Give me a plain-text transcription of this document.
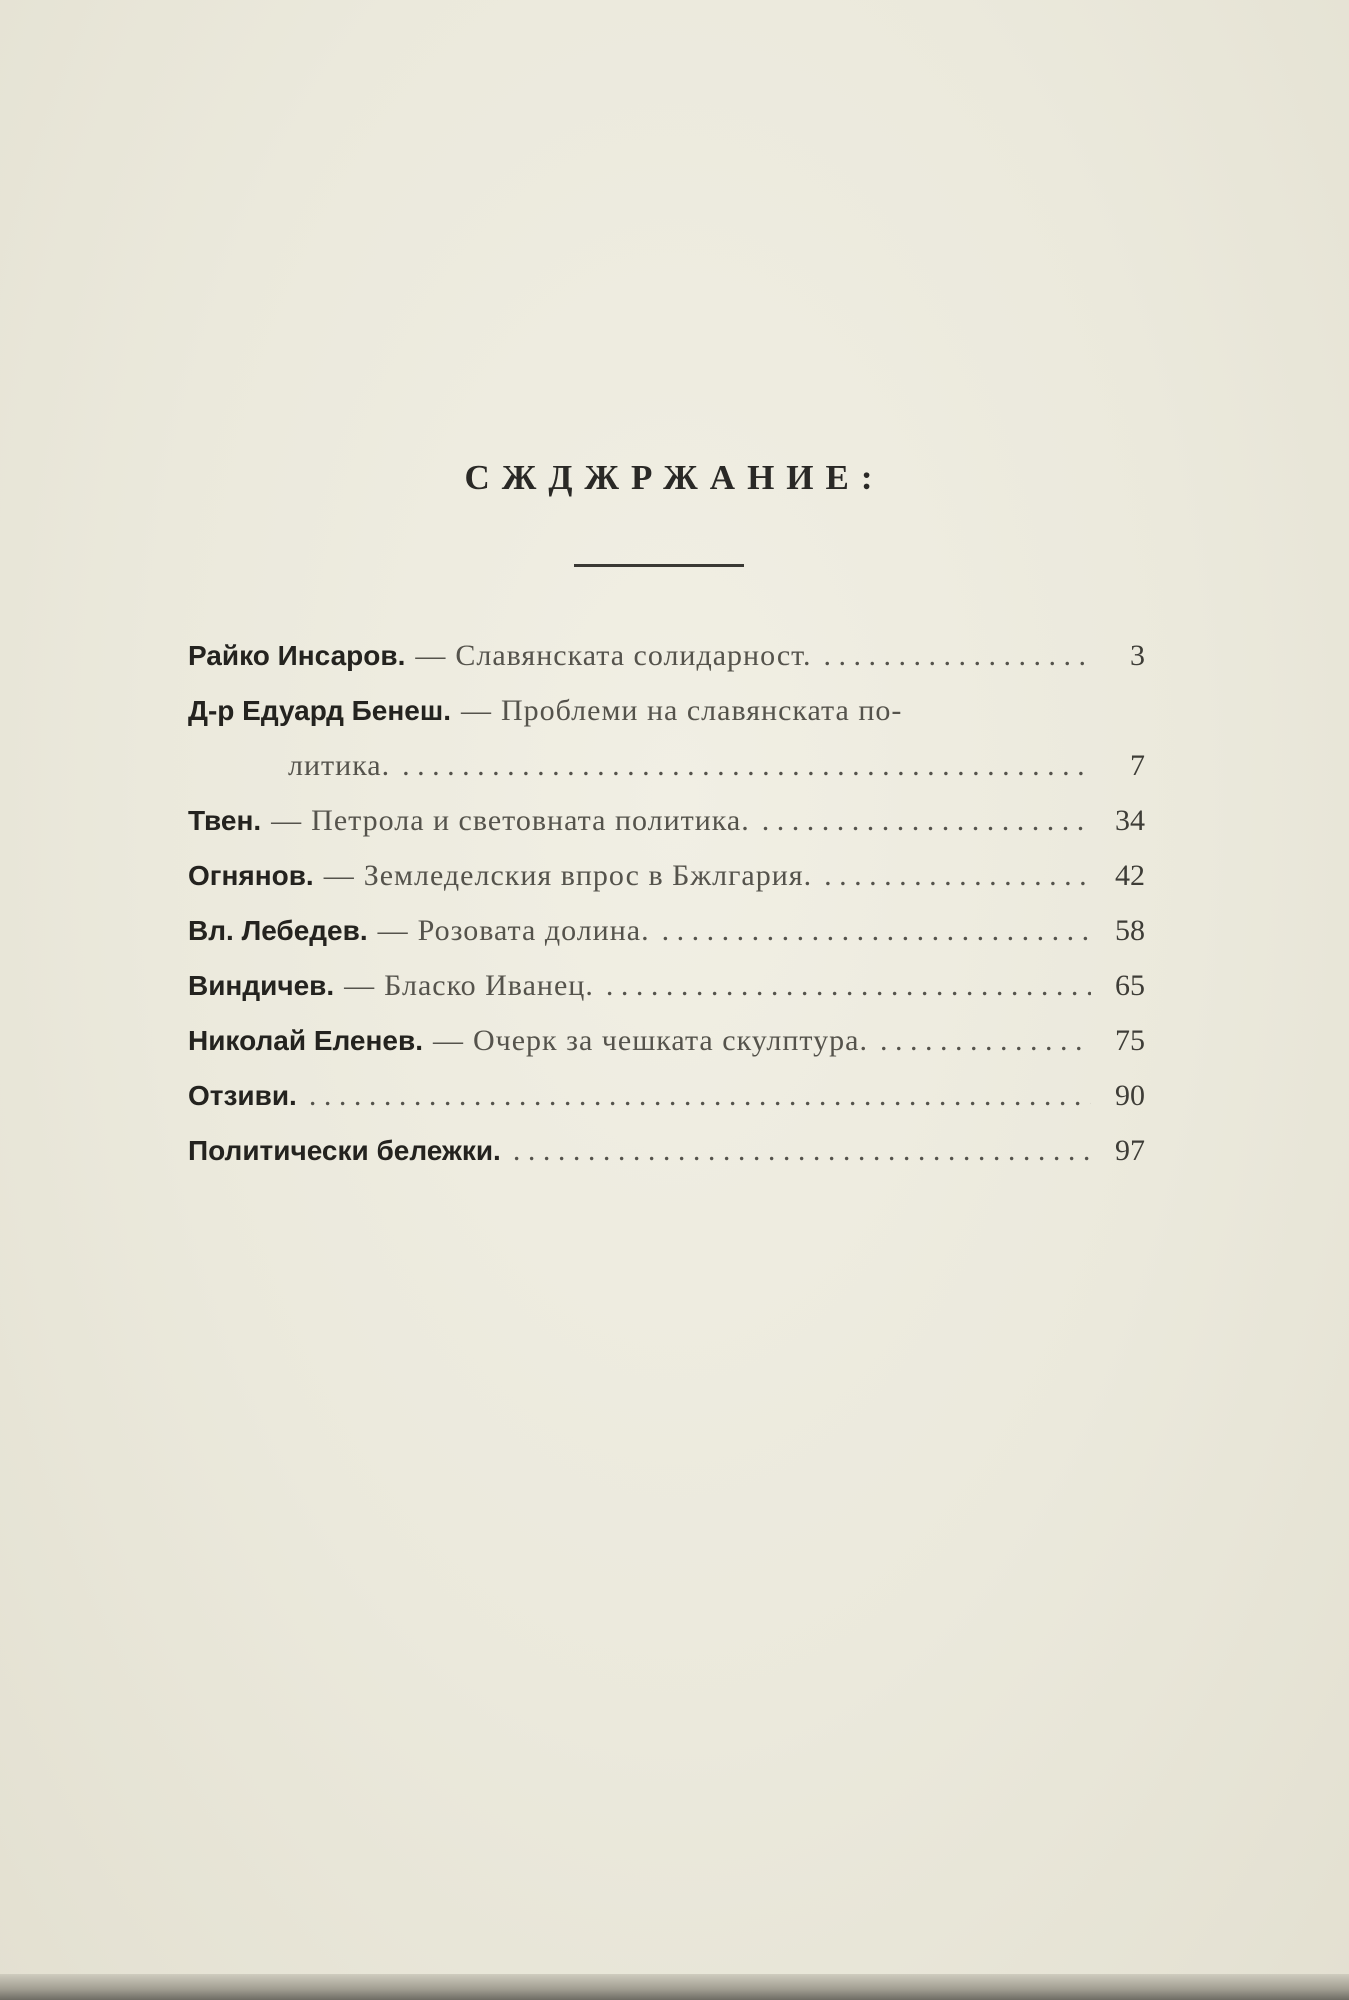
СЖДЖРЖАНИЕ:
Райко Инсаров. — Славянската солидарност. . . .	3
Д-р Едуард Бенеш. — Проблеми на славянската по-
литика. . . .	7
Твен. — Петрола и световната политика. . . .	34
Огнянов. — Земледелския впрос в Бжлгария. . . .	42
Вл. Лебедев. — Розовата долина. . . .	58
Виндичев. — Бласко Иванец. . . .	65
Николай Еленев. — Очерк за чешката скулптура. . . .	75
Отзиви. . . .	90
Политически бележки. . . .	97
